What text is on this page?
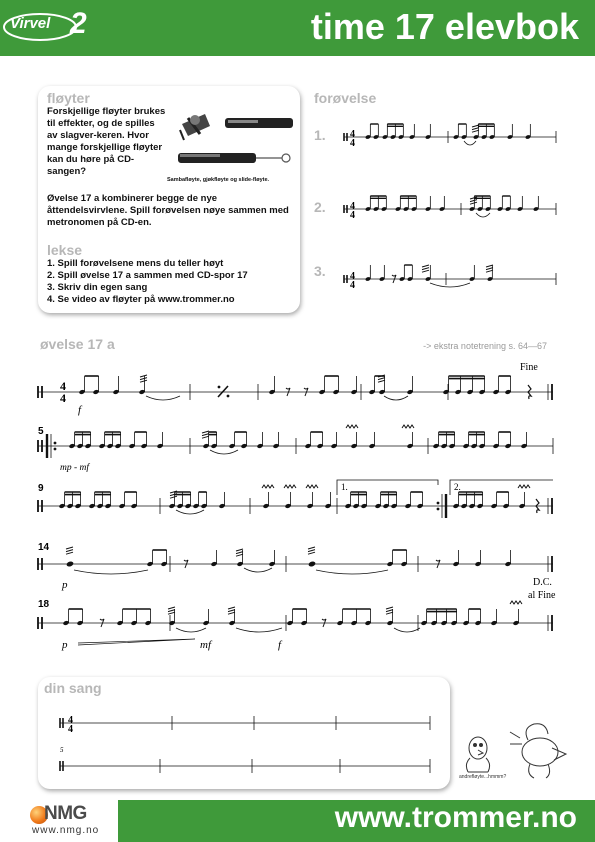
Virvel 2	time 17 elevbok
fløyter
Forskjellige fløyter brukes til effekter, og de spilles av slagver-keren. Hvor mange forskjellige fløyter kan du høre på CD-sangen?
Sambafløyte, gjøkfløyte og slide-fløyte.
Øvelse 17 a kombinerer begge de nye åttendelsvirvlene. Spill forøvelsen nøye sammen med metronomen på CD-en.
lekse
1. Spill forøvelsene mens du teller høyt
2. Spill øvelse 17 a sammen med CD-spor 17
3. Skriv din egen sang
4. Se video av fløyter på www.trommer.no
forøvelse
1.
2.
3.
øvelse 17 a	-> ekstra notetrening s. 64—67
din sang
4
4
4
4
4
4
4
4
5
9
14
18
1.	2.
Fine
D.C.
al Fine
f
mp - mf
p
p	mf	f
4
4
5
andrefløyte...hmmm?
NMG
www.nmg.no	www.trommer.no
